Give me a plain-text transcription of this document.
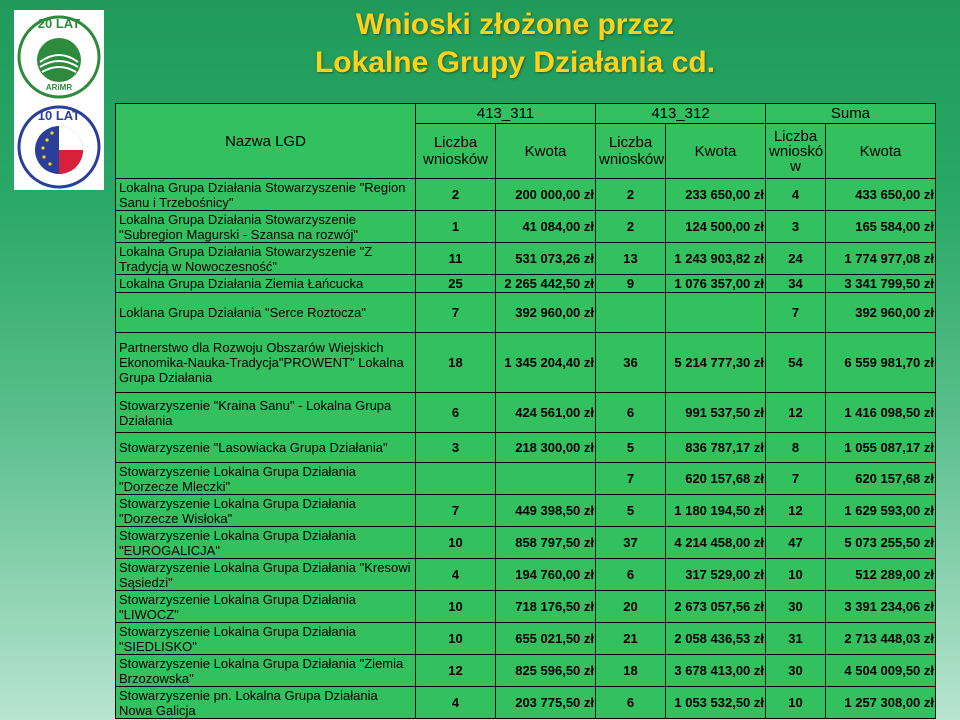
Wnioski złożone przez
Lokalne Grupy Działania cd.
20 LAT
ARiMR
10 LAT
Nazwa LGD	413_311		413_312		Suma	
	Liczba wniosków	Kwota	Liczba wniosków	Kwota	Liczba wnioskó w	Kwota
Lokalna Grupa Działania Stowarzyszenie "Region Sanu i Trzebośnicy"	2	200 000,00 zł	2	233 650,00 zł	4	433 650,00 zł
Lokalna Grupa Działania Stowarzyszenie "Subregion Magurski - Szansa na rozwój"	1	41 084,00 zł	2	124 500,00 zł	3	165 584,00 zł
Lokalna Grupa Działania Stowarzyszenie "Z Tradycją w Nowoczesność"	11	531 073,26 zł	13	1 243 903,82 zł	24	1 774 977,08 zł
Lokalna Grupa Działania Ziemia Łańcucka	25	2 265 442,50 zł	9	1 076 357,00 zł	34	3 341 799,50 zł
Loklana Grupa Działania "Serce Roztocza"	7	392 960,00 zł			7	392 960,00 zł
Partnerstwo dla Rozwoju Obszarów Wiejskich Ekonomika-Nauka-Tradycja"PROWENT" Lokalna Grupa Działania	18	1 345 204,40 zł	36	5 214 777,30 zł	54	6 559 981,70 zł
Stowarzyszenie "Kraina Sanu" - Lokalna Grupa Działania	6	424 561,00 zł	6	991 537,50 zł	12	1 416 098,50 zł
Stowarzyszenie "Lasowiacka Grupa Działania"	3	218 300,00 zł	5	836 787,17 zł	8	1 055 087,17 zł
Stowarzyszenie Lokalna Grupa Działania "Dorzecze Mleczki"			7	620 157,68 zł	7	620 157,68 zł
Stowarzyszenie Lokalna Grupa Działania "Dorzecze Wisłoka"	7	449 398,50 zł	5	1 180 194,50 zł	12	1 629 593,00 zł
Stowarzyszenie Lokalna Grupa Działania "EUROGALICJA"	10	858 797,50 zł	37	4 214 458,00 zł	47	5 073 255,50 zł
Stowarzyszenie Lokalna Grupa Działania "Kresowi Sąsiedzi"	4	194 760,00 zł	6	317 529,00 zł	10	512 289,00 zł
Stowarzyszenie Lokalna Grupa Działania "LIWOCZ"	10	718 176,50 zł	20	2 673 057,56 zł	30	3 391 234,06 zł
Stowarzyszenie Lokalna Grupa Działania "SIEDLISKO"	10	655 021,50 zł	21	2 058 436,53 zł	31	2 713 448,03 zł
Stowarzyszenie Lokalna Grupa Działania "Ziemia Brzozowska"	12	825 596,50 zł	18	3 678 413,00 zł	30	4 504 009,50 zł
Stowarzyszenie pn. Lokalna Grupa Działania Nowa Galicja	4	203 775,50 zł	6	1 053 532,50 zł	10	1 257 308,00 zł
